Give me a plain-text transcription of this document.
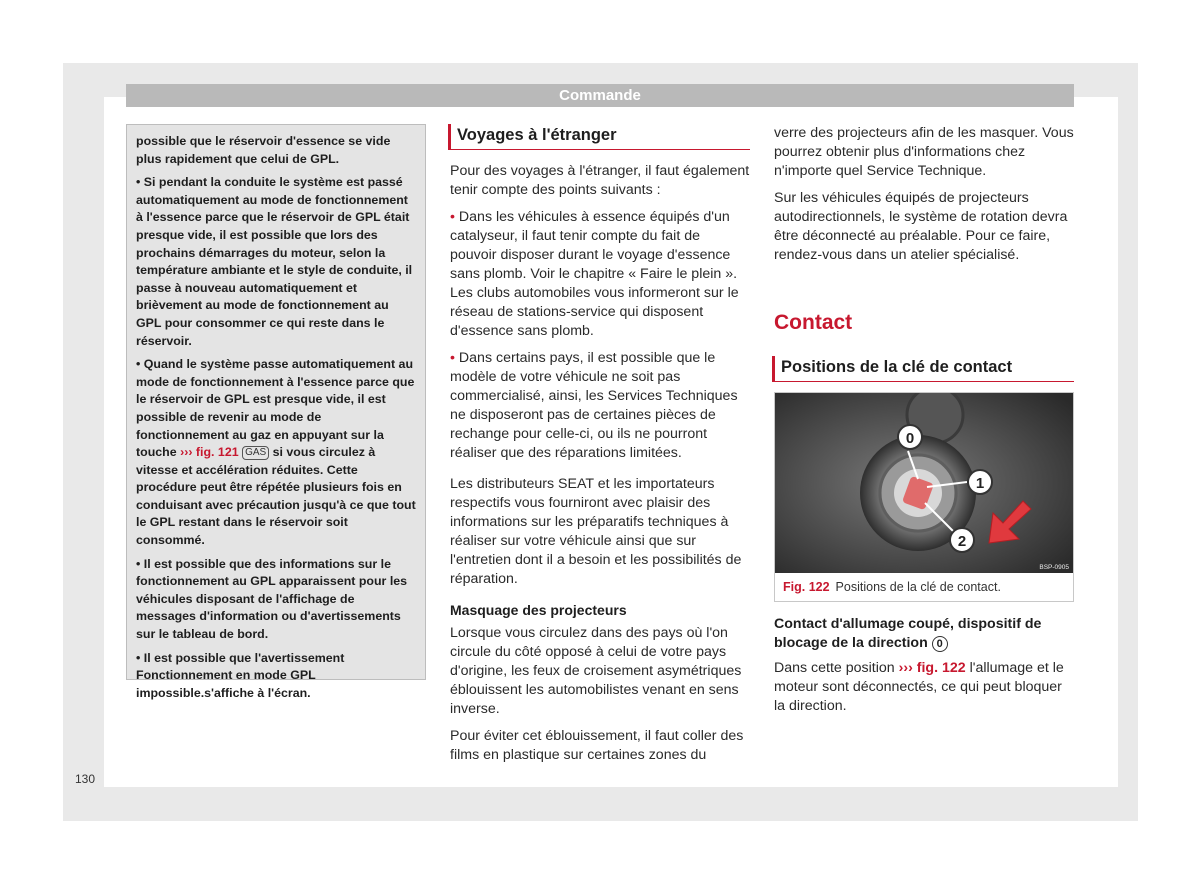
Commande

possible que le réservoir d'essence se vide plus rapidement que celui de GPL.

• Si pendant la conduite le système est passé automatiquement au mode de fonctionnement à l'essence parce que le réservoir de GPL était presque vide, il est possible que lors des prochains démarrages du moteur, selon la température ambiante et le style de conduite, il passe à nouveau automatiquement et brièvement au mode de fonctionnement au GPL pour consommer ce qui reste dans le réservoir.

• Quand le système passe automatiquement au mode de fonctionnement à l'essence parce que le réservoir de GPL est presque vide, il est possible de revenir au mode de fonctionnement au gaz en appuyant sur la touche ››› fig. 121 GAS si vous circulez à vitesse et accélération réduites. Cette procédure peut être répétée plusieurs fois en conduisant avec précaution jusqu'à ce que tout le GPL restant dans le réservoir soit consommé.

• Il est possible que des informations sur le fonctionnement au GPL apparaissent pour les véhicules disposant de l'affichage de messages d'information ou d'avertissements sur le tableau de bord.

• Il est possible que l'avertissement Fonctionnement en mode GPL impossible.s'affiche à l'écran.

130
Voyages à l'étranger

Pour des voyages à l'étranger, il faut également tenir compte des points suivants :

• Dans les véhicules à essence équipés d'un catalyseur, il faut tenir compte du fait de pouvoir disposer durant le voyage d'essence sans plomb. Voir le chapitre « Faire le plein ». Les clubs automobiles vous informeront sur le réseau de stations-service qui disposent d'essence sans plomb.

• Dans certains pays, il est possible que le modèle de votre véhicule ne soit pas commercialisé, ainsi, les Services Techniques ne disposeront pas de certaines pièces de rechange pour celle-ci, ou ils ne pourront réaliser que des réparations limitées.

Les distributeurs SEAT et les importateurs respectifs vous fourniront avec plaisir des informations sur les préparatifs techniques à réaliser sur votre véhicule ainsi que sur l'entretien dont il a besoin et les possibilités de réparation.

Masquage des projecteurs

Lorsque vous circulez dans des pays où l'on circule du côté opposé à celui de votre pays d'origine, les feux de croisement asymétriques éblouissent les automobilistes venant en sens inverse.

Pour éviter cet éblouissement, il faut coller des films en plastique sur certaines zones du

verre des projecteurs afin de les masquer. Vous pourrez obtenir plus d'informations chez n'importe quel Service Technique.

Sur les véhicules équipés de projecteurs autodirectionnels, le système de rotation devra être déconnecté au préalable. Pour ce faire, rendez-vous dans un atelier spécialisé.

Contact

Positions de la clé de contact
0
1
2
BSP-0905
Fig. 122 Positions de la clé de contact.
Contact d'allumage coupé, dispositif de blocage de la direction 0
Dans cette position ››› fig. 122 l'allumage et le moteur sont déconnectés, ce qui peut bloquer la direction.
